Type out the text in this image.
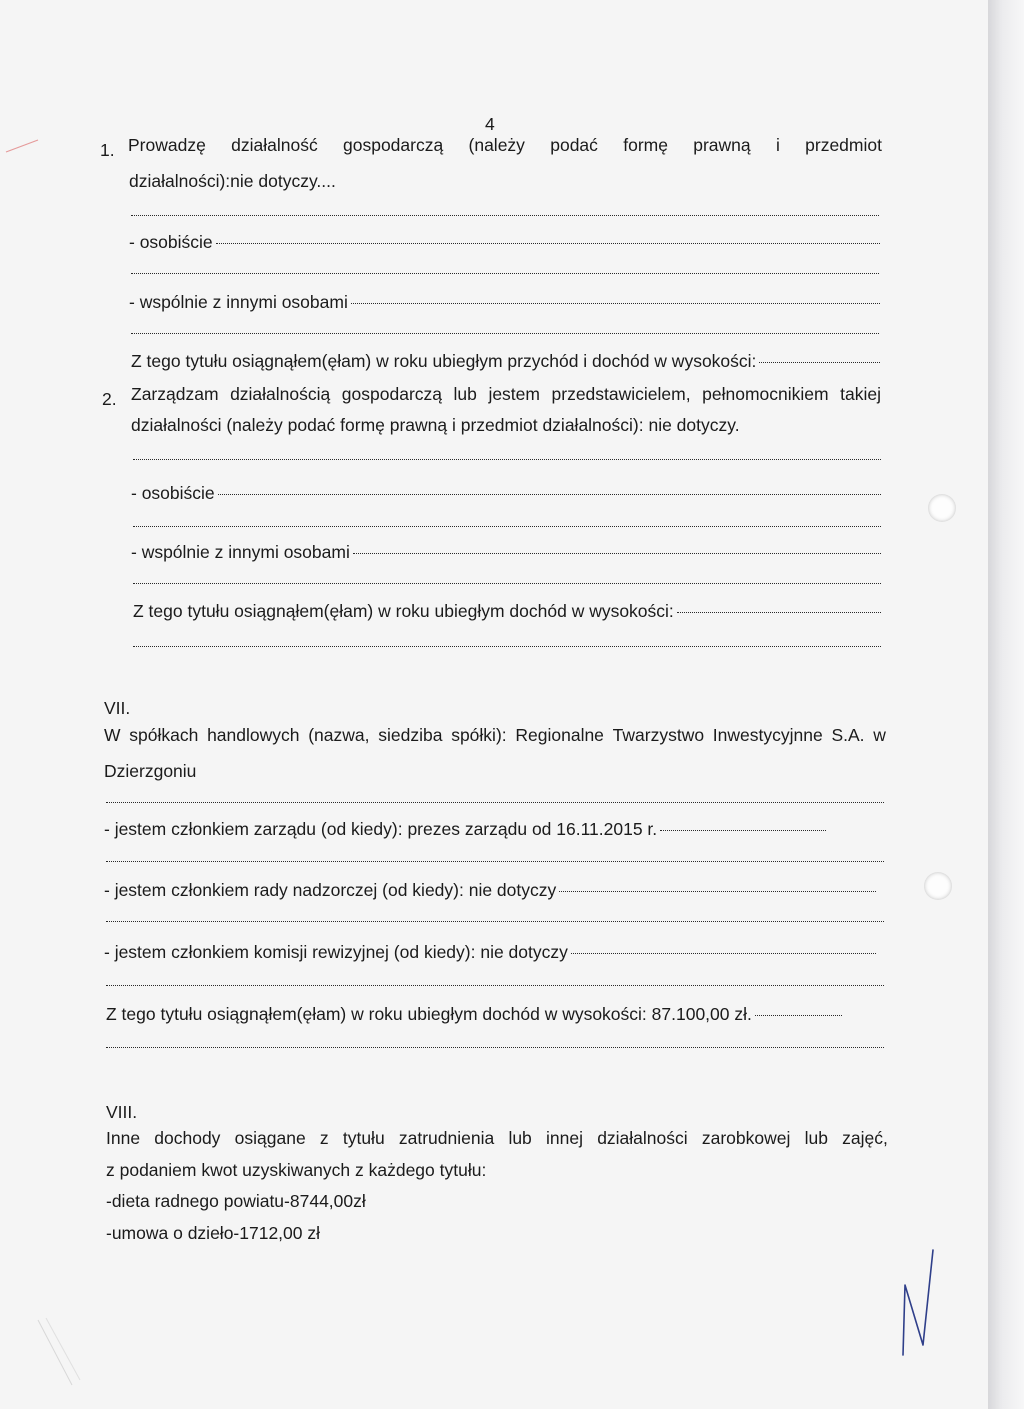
4
1. Prowadzę działalność gospodarczą (należy podać formę prawną i przedmiot
działalności):nie dotyczy....
- osobiście
- wspólnie z innymi osobami
Z tego tytułu osiągnąłem(ęłam) w roku ubiegłym przychód i dochód w wysokości:
2. Zarządzam działalnością gospodarczą lub jestem przedstawicielem, pełnomocnikiem takiej
działalności (należy podać formę prawną i przedmiot działalności): nie dotyczy.
- osobiście
- wspólnie z innymi osobami
Z tego tytułu osiągnąłem(ęłam) w roku ubiegłym dochód w wysokości:
VII.
W spółkach handlowych (nazwa, siedziba spółki): Regionalne Twarzystwo Inwestycyjnne S.A. w
Dzierzgoniu
- jestem członkiem zarządu (od kiedy): prezes zarządu od 16.11.2015 r.
- jestem członkiem rady nadzorczej (od kiedy): nie dotyczy
- jestem członkiem komisji rewizyjnej (od kiedy): nie dotyczy
Z tego tytułu osiągnąłem(ęłam) w roku ubiegłym dochód w wysokości: 87.100,00 zł.
VIII.
Inne dochody osiągane z tytułu zatrudnienia lub innej działalności zarobkowej lub zajęć,
z podaniem kwot uzyskiwanych z każdego tytułu:
-dieta radnego powiatu-8744,00zł
-umowa o dzieło-1712,00 zł
